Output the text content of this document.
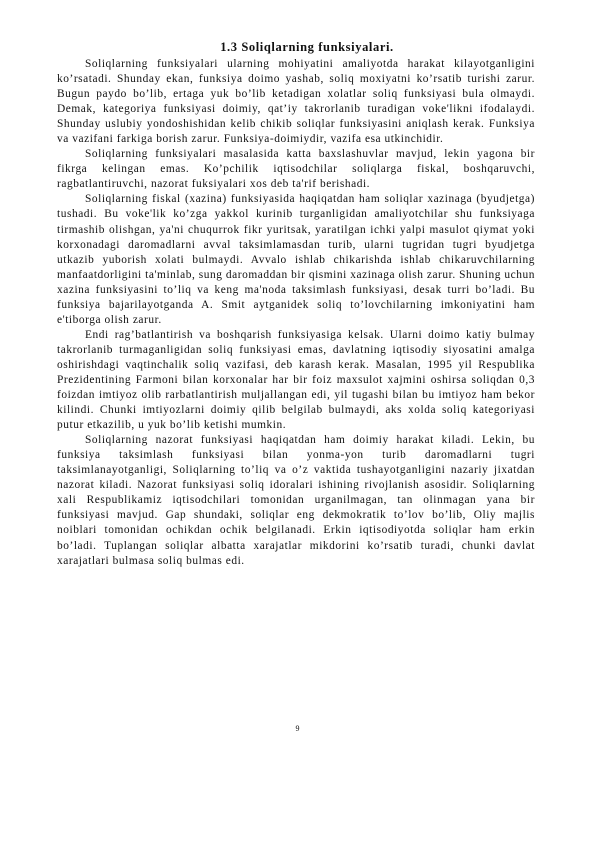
1.3 Soliqlarning funksiyalari.

Soliqlarning funksiyalari ularning mohiyatini amaliyotda harakat kilayotganligini ko’rsatadi. Shunday ekan, funksiya doimo yashab, soliq moxiyatni ko’rsatib turishi zarur. Bugun paydo bo’lib, ertaga yuk bo’lib ketadigan xolatlar soliq funksiyasi bula olmaydi. Demak, kategoriya funksiyasi doimiy, qat’iy takrorlanib turadigan voke'likni ifodalaydi. Shunday uslubiy yondoshishidan kelib chikib soliqlar funksiyasini aniqlash kerak. Funksiya va vazifani farkiga borish zarur. Funksiya-doimiydir, vazifa esa utkinchidir.

Soliqlarning funksiyalari masalasida katta baxslashuvlar mavjud, lekin yagona bir fikrga kelingan emas. Ko’pchilik iqtisodchilar soliqlarga fiskal, boshqaruvchi, ragbatlantiruvchi, nazorat fuksiyalari xos deb ta'rif berishadi.

Soliqlarning fiskal (xazina) funksiyasida haqiqatdan ham soliqlar xazinaga (byudjetga) tushadi. Bu voke'lik ko’zga yakkol kurinib turganligidan amaliyotchilar shu funksiyaga tirmashib olishgan, ya'ni chuqurrok fikr yuritsak, yaratilgan ichki yalpi masulot qiymat yoki korxonadagi daromadlarni avval taksimlamasdan turib, ularni tugridan tugri byudjetga utkazib yuborish xolati bulmaydi. Avvalo ishlab chikarishda ishlab chikaruvchilarning manfaatdorligini ta'minlab, sung daromaddan bir qismini xazinaga olish zarur. Shuning uchun xazina funksiyasini to’liq va keng ma'noda taksimlash funksiyasi, desak turri bo’ladi. Bu funksiya bajarilayotganda A. Smit aytganidek soliq to’lovchilarning imkoniyatini ham e'tiborga olish zarur.

Endi rag’batlantirish va boshqarish funksiyasiga kelsak. Ularni doimo katiy bulmay takrorlanib turmaganligidan soliq funksiyasi emas, davlatning iqtisodiy siyosatini amalga oshirishdagi vaqtinchalik soliq vazifasi, deb karash kerak. Masalan, 1995 yil Respublika Prezidentining Farmoni bilan korxonalar har bir foiz maxsulot xajmini oshirsa soliqdan 0,3 foizdan imtiyoz olib rarbatlantirish muljallangan edi, yil tugashi bilan bu imtiyoz ham bekor kilindi. Chunki imtiyozlarni doimiy qilib belgilab bulmaydi, aks xolda soliq kategoriyasi putur etkazilib, u yuk bo’lib ketishi mumkin.

Soliqlarning nazorat funksiyasi haqiqatdan ham doimiy harakat kiladi. Lekin, bu funksiya taksimlash funksiyasi bilan yonma-yon turib daromadlarni tugri taksimlanayotganligi, Soliqlarning to’liq va o’z vaktida tushayotganligini nazariy jixatdan nazorat kiladi. Nazorat funksiyasi soliq idoralari ishining rivojlanish asosidir. Soliqlarning xali Respublikamiz iqtisodchilari tomonidan urganilmagan, tan olinmagan yana bir funksiyasi mavjud. Gap shundaki, soliqlar eng dekmokratik to’lov bo’lib, Oliy majlis noiblari tomonidan ochikdan ochik belgilanadi. Erkin iqtisodiyotda soliqlar ham erkin bo’ladi. Tuplangan soliqlar albatta xarajatlar mikdorini ko’rsatib turadi, chunki davlat xarajatlari bulmasa soliq bulmas edi.

9
